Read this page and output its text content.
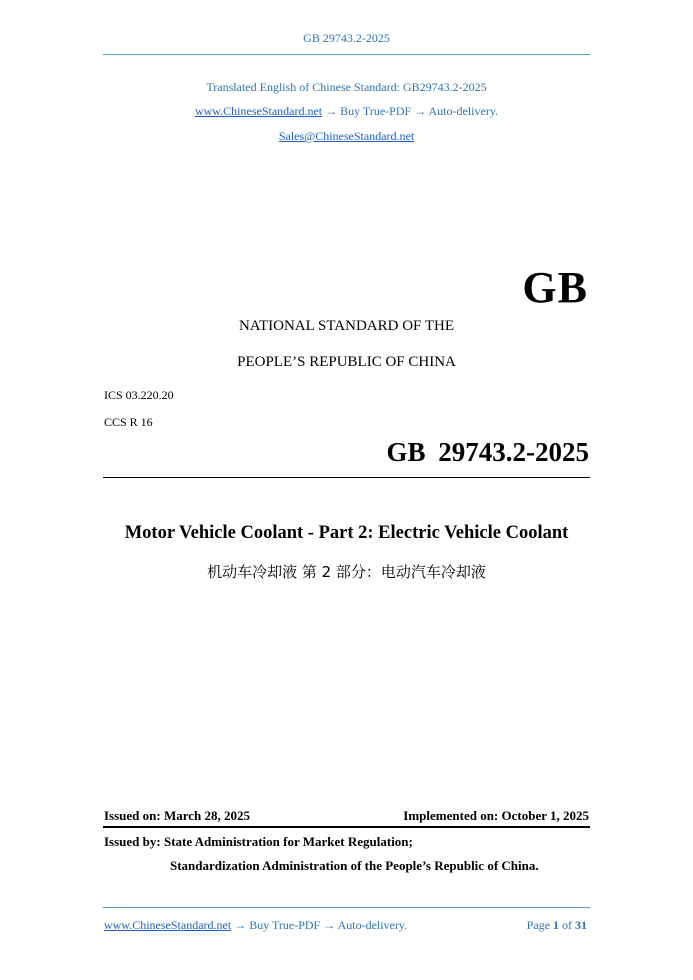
GB 29743.2-2025
Translated English of Chinese Standard: GB29743.2-2025
www.ChineseStandard.net → Buy True-PDF → Auto-delivery.
Sales@ChineseStandard.net
GB
NATIONAL STANDARD OF THE
PEOPLE’S REPUBLIC OF CHINA
ICS 03.220.20
CCS R 16
GB 29743.2-2025
Motor Vehicle Coolant - Part 2: Electric Vehicle Coolant
机动车冷却液 第 2 部分：电动汽车冷却液
Issued on: March 28, 2025	Implemented on: October 1, 2025
Issued by: State Administration for Market Regulation;
Standardization Administration of the People’s Republic of China.
www.ChineseStandard.net → Buy True-PDF → Auto-delivery.	Page 1 of 31
